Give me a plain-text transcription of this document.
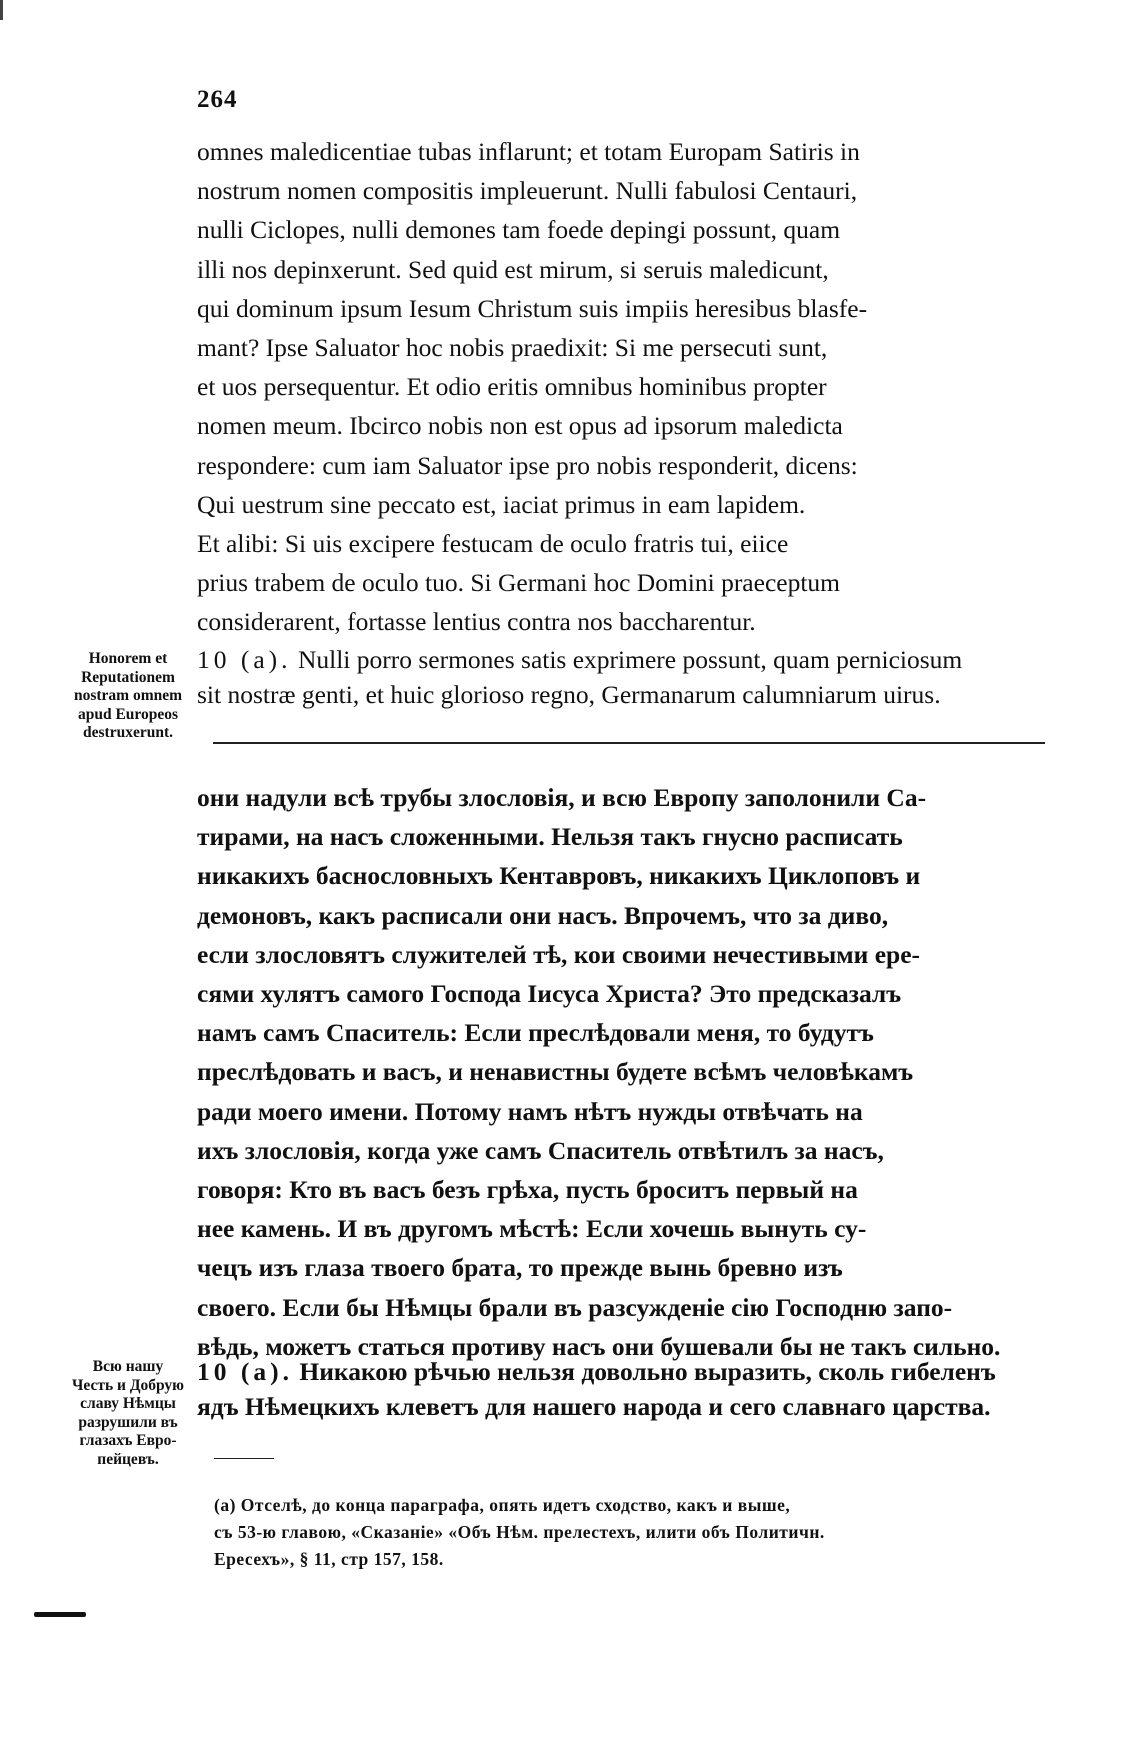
264

omnes maledicentiae tubas inflarunt; et totam Europam Satiris in

nostrum nomen compositis impleuerunt. Nulli fabulosi Centauri,

nulli Ciclopes, nulli demones tam foede depingi possunt, quam

illi nos depinxerunt. Sed quid est mirum, si seruis maledicunt,

qui dominum ipsum Iesum Christum suis impiis heresibus blasfe-

mant? Ipse Saluator hoc nobis praedixit: Si me persecuti sunt,

et uos persequentur. Et odio eritis omnibus hominibus propter

nomen meum. Ibcirco nobis non est opus ad ipsorum maledicta

respondere: cum iam Saluator ipse pro nobis responderit, dicens:

Qui uestrum sine peccato est, iaciat primus in eam lapidem.

Et alibi: Si uis excipere festucam de oculo fratris tui, eiice

prius trabem de oculo tuo. Si Germani hoc Domini praeceptum

considerarent, fortasse lentius contra nos baccharentur.

10 (a). Nulli porro sermones satis exprimere possunt, quam perniciosum
sit nostræ genti, et huic glorioso regno, Germanarum calumniarum uirus.
Honorem et
Reputationem
nostram omnem
apud Europeos
destruxerunt.

они надули всѣ трубы злословія, и всю Европу заполонили Са-

тирами, на насъ сложенными. Нельзя такъ гнусно расписать

никакихъ баснословныхъ Кентавровъ, никакихъ Циклоповъ и

демоновъ, какъ расписали они насъ. Впрочемъ, что за диво,

если злословятъ служителей тѣ, кои своими нечестивыми ере-

сями хулятъ самого Господа Іисуса Христа? Это предсказалъ

намъ самъ Спаситель: Если преслѣдовали меня, то будутъ

преслѣдовать и васъ, и ненавистны будете всѣмъ человѣкамъ

ради моего имени. Потому намъ нѣтъ нужды отвѣчать на

ихъ злословія, когда уже самъ Спаситель отвѣтилъ за насъ,

говоря: Кто въ васъ безъ грѣха, пусть броситъ первый на

нее камень. И въ другомъ мѣстѣ: Если хочешь вынуть су-

чецъ изъ глаза твоего брата, то прежде вынь бревно изъ

своего. Если бы Нѣмцы брали въ разсужденіе сію Господню запо-

вѣдь, можетъ статься противу насъ они бушевали бы не такъ сильно.

10 (а). Никакою рѣчью нельзя довольно выразить, сколь гибеленъ
ядъ Нѣмецкихъ клеветъ для нашего народа и сего славнаго царства.
Всю нашу
Честь и Добрую
славу Нѣмцы
разрушили въ
глазахъ Евро-
пейцевъ.
(а) Отселѣ, до конца параграфа, опять идетъ сходство, какъ и выше,
съ 53-ю главою, «Сказаніе» «Объ Нѣм. прелестехъ, илити объ Политичн.
Ересехъ», § 11, стр 157, 158.
